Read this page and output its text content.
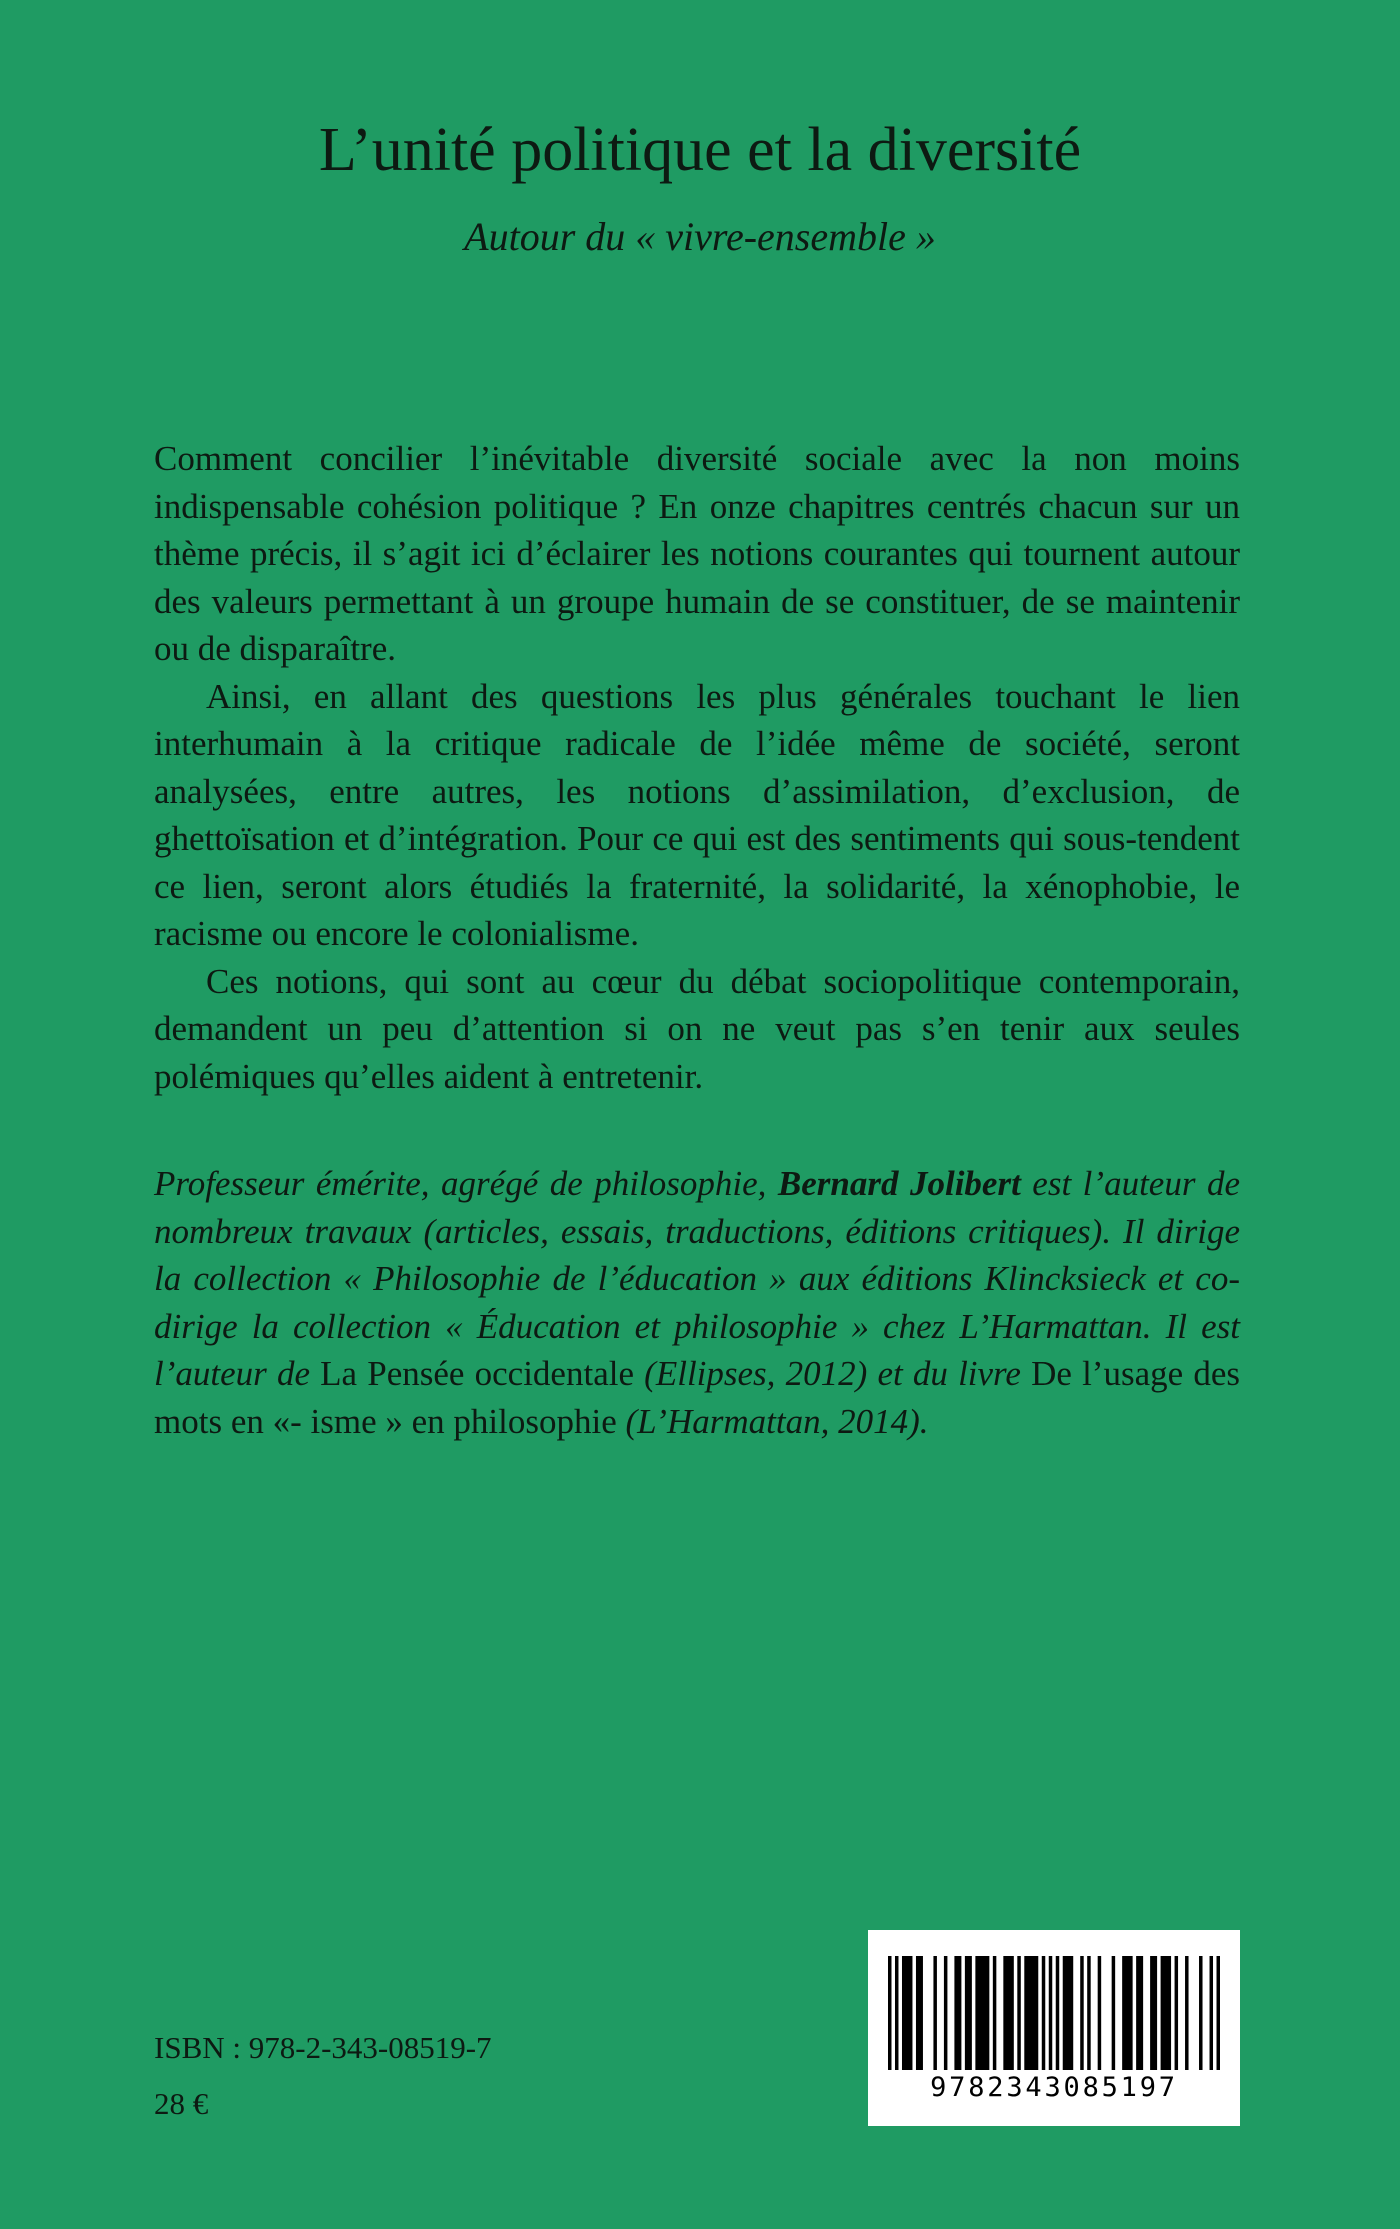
L’unité politique et la diversité

Autour du « vivre-ensemble »

Comment concilier l’inévitable diversité sociale avec la non moins indispensable cohésion politique ? En onze chapitres centrés chacun sur un thème précis, il s’agit ici d’éclairer les notions courantes qui tournent autour des valeurs permettant à un groupe humain de se constituer, de se maintenir ou de disparaître.

Ainsi, en allant des questions les plus générales touchant le lien interhumain à la critique radicale de l’idée même de société, seront analysées, entre autres, les notions d’assimilation, d’exclusion, de ghettoïsation et d’intégration. Pour ce qui est des sentiments qui sous-tendent ce lien, seront alors étudiés la fraternité, la solidarité, la xénophobie, le racisme ou encore le colonialisme.

Ces notions, qui sont au cœur du débat sociopolitique contemporain, demandent un peu d’attention si on ne veut pas s’en tenir aux seules polémiques qu’elles aident à entretenir.

Professeur émérite, agrégé de philosophie, Bernard Jolibert est l’auteur de nombreux travaux (articles, essais, traductions, éditions critiques). Il dirige la collection « Philosophie de l’éducation » aux éditions Klincksieck et co-dirige la collection « Éducation et philosophie » chez L’Harmattan. Il est l’auteur de La Pensée occidentale (Ellipses, 2012) et du livre De l’usage des mots en «- isme » en philosophie (L’Harmattan, 2014).

ISBN : 978-2-343-08519-7

28 €	9782343085197
